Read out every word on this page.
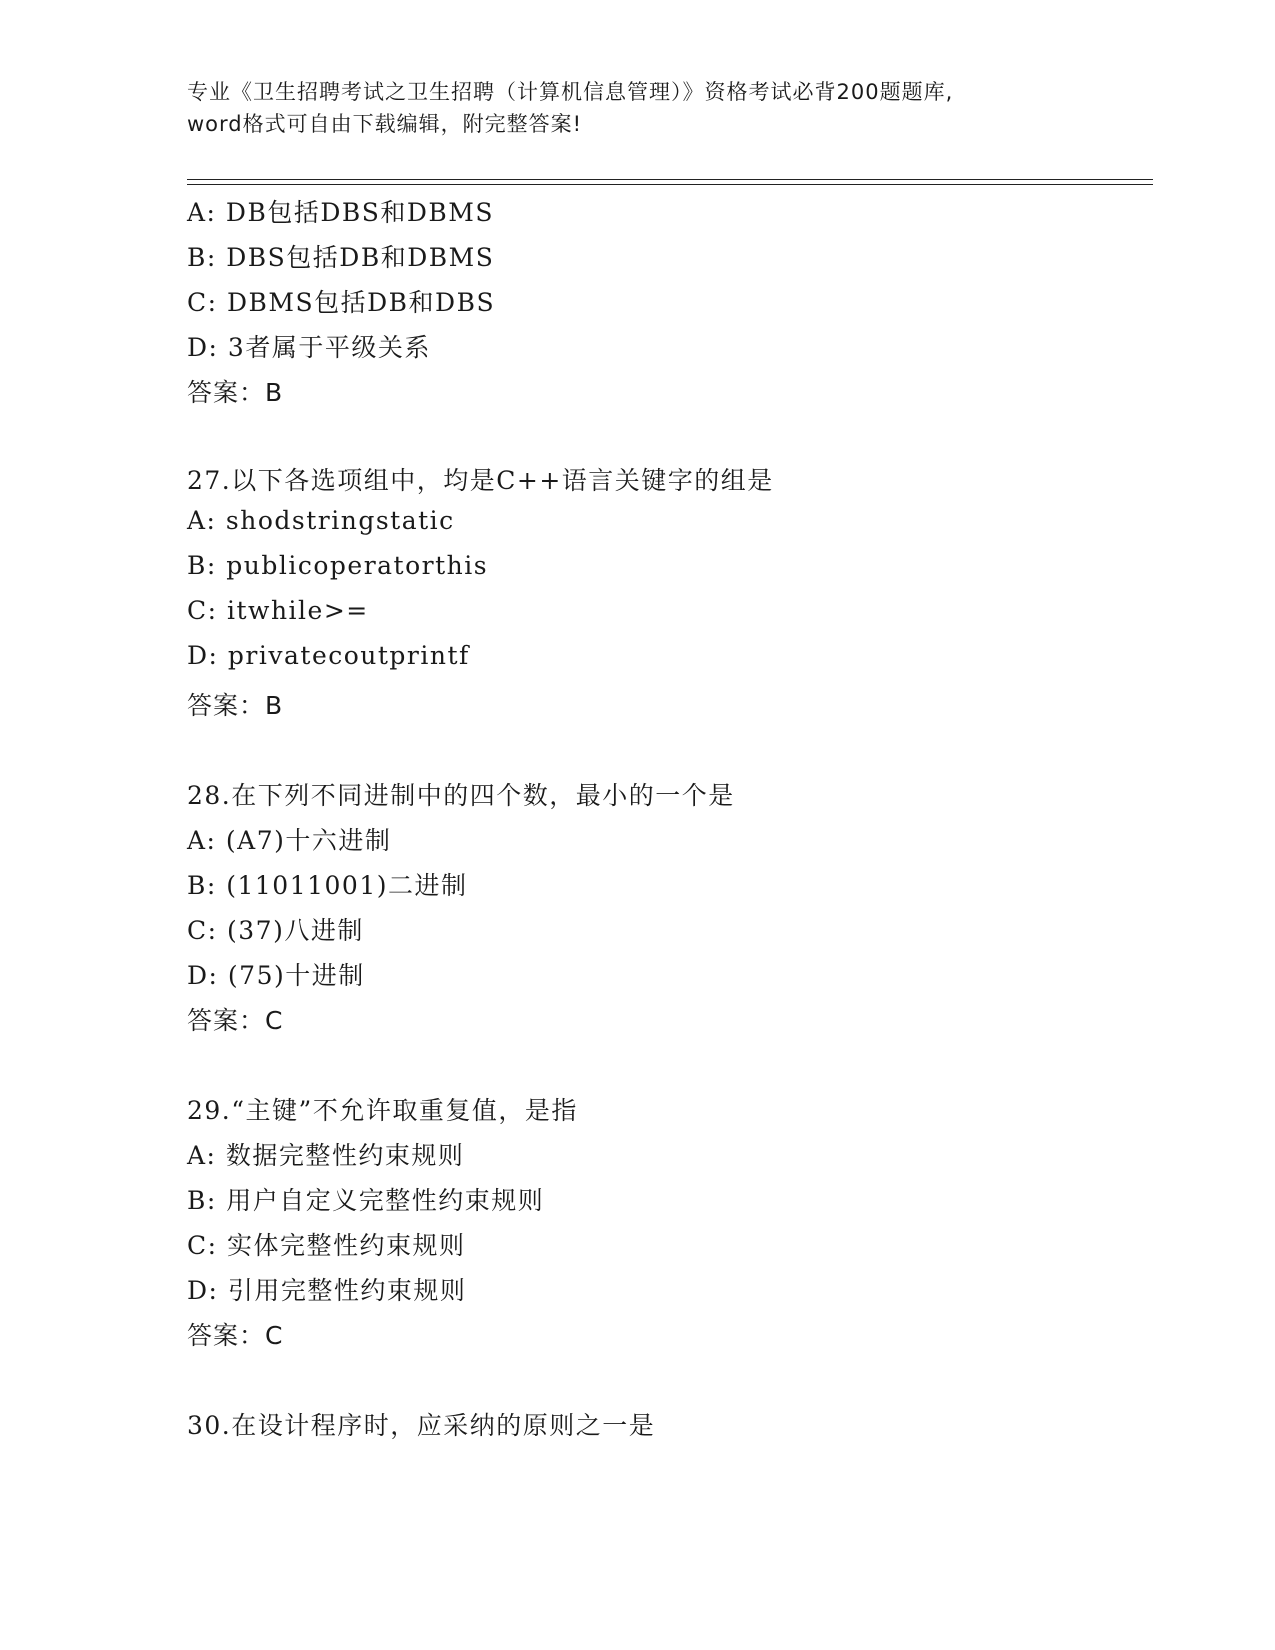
专业《卫生招聘考试之卫生招聘（计算机信息管理）》资格考试必背200题题库,
word格式可自由下载编辑，附完整答案!
A: DB包括DBS和DBMS
B: DBS包括DB和DBMS
C: DBMS包括DB和DBS
D: 3者属于平级关系
答案：B
27.以下各选项组中，均是C++语言关键字的组是
A: shodstringstatic
B: publicoperatorthis
C: itwhile>=
D: privatecoutprintf
答案：B
28.在下列不同进制中的四个数，最小的一个是
A: (A7)十六进制
B: (11011001)二进制
C: (37)八进制
D: (75)十进制
答案：C
29.“主键”不允许取重复值，是指
A: 数据完整性约束规则
B: 用户自定义完整性约束规则
C: 实体完整性约束规则
D: 引用完整性约束规则
答案：C
30.在设计程序时，应采纳的原则之一是
